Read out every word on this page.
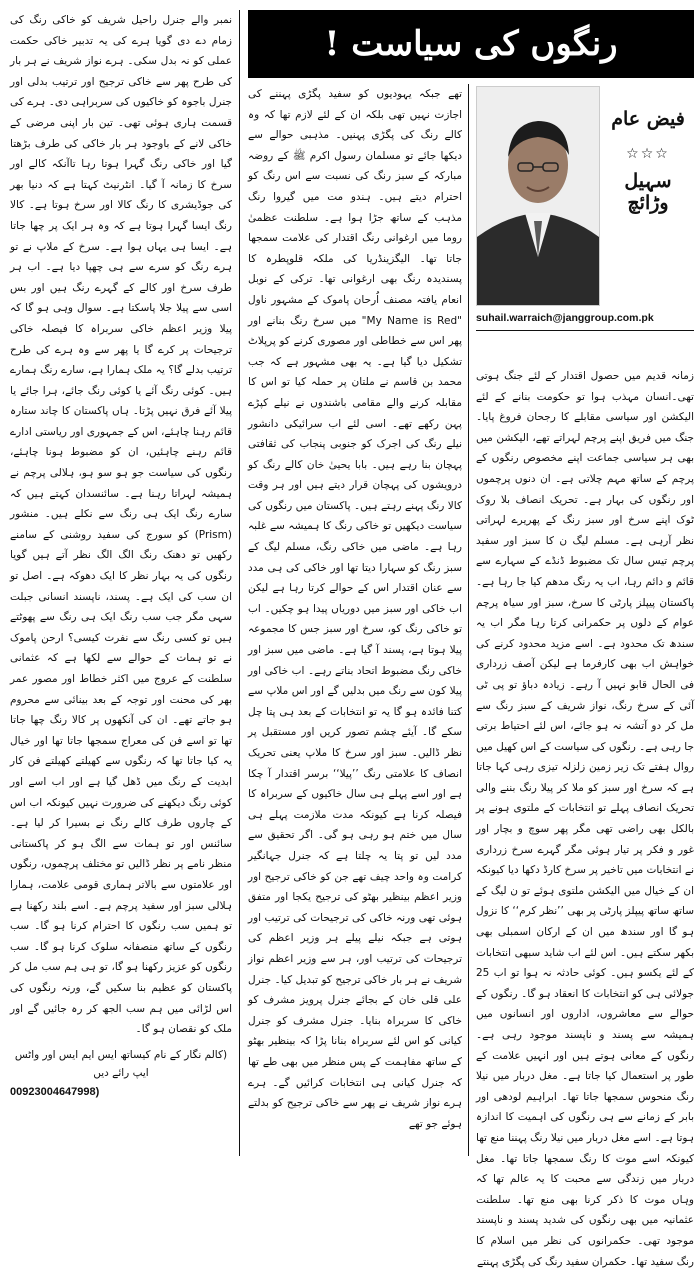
رنگوں کی سیاست !
فیض عام
☆☆☆
سہیل وڑائچ
suhail.warraich@janggroup.com.pk

زمانہ قدیم میں حصول اقتدار کے لئے جنگ ہوتی تھی۔انسان مہذب ہوا تو حکومت بنانے کے لئے الیکشن اور سیاسی مقابلے کا رجحان فروغ پایا۔ جنگ میں فریق اپنے پرچم لہراتے تھے، الیکشن میں بھی ہر سیاسی جماعت اپنے مخصوص رنگوں کے پرچم کے ساتھ مہم چلاتی ہے۔ ان دنوں پرچموں اور رنگوں کی بہار ہے۔ تحریک انصاف بلا روک ٹوک اپنے سرخ اور سبز رنگ کے پھریرے لہراتی نظر آرہی ہے۔ مسلم لیگ ن کا سبز اور سفید پرچم تیس سال تک مضبوط ڈنڈے کے سہارے سے قائم و دائم رہا، اب یہ رنگ مدھم کیا جا رہا ہے۔ پاکستان پیپلز پارٹی کا سرخ، سبز اور سیاہ پرچم عوام کے دلوں پر حکمرانی کرتا رہا مگر اب یہ سندھ تک محدود ہے۔ اسے مزید محدود کرنے کی خواہش اب بھی کارفرما ہے لیکن آصف زرداری فی الحال قابو نہیں آ رہے۔ زیادہ دباؤ تو پی ٹی آئی کے سرخ رنگ، نواز شریف کے سبز رنگ سے مل کر دو آتشہ نہ ہو جائے، اس لئے احتیاط برتی جا رہی ہے۔ رنگوں کی سیاست کے اس کھیل میں روال ہفتے تک زیر زمین زلزلہ تیزی رہی کہا جاتا ہے کہ سرخ اور سبز کو ملا کر پیلا رنگ بننے والی تحریک انصاف پہلے تو انتخابات کے ملتوی ہونے پر بالکل بھی راضی تھی مگر پھر سوچ و بچار اور غور و فکر پر تیار ہوئی مگر گہرے سرخ زرداری نے انتخابات میں تاخیر پر سرخ کارڈ دکھا دیا کیونکہ ان کے خیال میں الیکشن ملتوی ہوئے تو ن لیگ کے ساتھ ساتھ پیپلز پارٹی پر بھی ’’نظر کرم‘‘ کا نزول ہو گا اور سندھ میں ان کے ارکان اسمبلی بھی بکھر سکتے ہیں۔ اس لئے اب شاید سبھی انتخابات کے لئے یکسو ہیں۔ کوئی حادثہ نہ ہوا تو اب 25 جولائی ہی کو انتخابات کا انعقاد ہو گا۔ رنگوں کے حوالے سے معاشروں، اداروں اور انسانوں میں ہمیشہ سے پسند و ناپسند موجود رہی ہے۔ رنگوں کے معانی ہوتے ہیں اور انہیں علامت کے طور پر استعمال کیا جاتا ہے۔ مغل دربار میں نیلا رنگ منحوس سمجھا جاتا تھا۔ ابراہیم لودھی اور بابر کے زمانے سے ہی رنگوں کی اہمیت کا اندازہ ہوتا ہے۔ اسے مغل دربار میں نیلا رنگ پہننا منع تھا کیونکہ اسے موت کا رنگ سمجھا جاتا تھا۔ مغل دربار میں زندگی سے محبت کا یہ عالم تھا کہ وہاں موت کا ذکر کرنا بھی منع تھا۔ سلطنت عثمانیہ میں بھی رنگوں کی شدید پسند و ناپسند موجود تھی۔ حکمرانوں کی نظر میں اسلام کا رنگ سفید تھا۔ حکمران سفید رنگ کی پگڑی پہنتے

تھے جبکہ یہودیوں کو سفید پگڑی پہننے کی اجازت نہیں تھی بلکہ ان کے لئے لازم تھا کہ وہ کالے رنگ کی پگڑی پہنیں۔ مذہبی حوالے سے دیکھا جائے تو مسلمان رسول اکرم ﷺ کے روضہ مبارکہ کے سبز رنگ کی نسبت سے اس رنگ کو احترام دیتے ہیں۔ ہندو مت میں گیروا رنگ مذہب کے ساتھ جڑا ہوا ہے۔ سلطنت عظمیٰ روما میں ارغوانی رنگ اقتدار کی علامت سمجھا جاتا تھا۔ الیگزینڈریا کی ملکہ قلوپطرہ کا پسندیدہ رنگ بھی ارغوانی تھا۔ ترکی کے نوبل انعام یافتہ مصنف اُرحان پاموک کے مشہور ناول "My Name is Red" میں سرخ رنگ بنانے اور پھر اس سے خطاطی اور مصوری کرنے کو پرپلاٹ تشکیل دیا گیا ہے۔ یہ بھی مشہور ہے کہ جب محمد بن قاسم نے ملتان پر حملہ کیا تو اس کا مقابلہ کرنے والے مقامی باشندوں نے نیلے کپڑے پہن رکھے تھے۔ اسی لئے اب سرائیکی دانشور نیلے رنگ کی اجرک کو جنوبی پنجاب کی ثقافتی پہچان بنا رہے ہیں۔ بابا یحییٰ خان کالے رنگ کو درویشوں کی پہچان قرار دیتے ہیں اور ہر وقت کالا رنگ پہنے رہتے ہیں۔ پاکستان میں رنگوں کی سیاست دیکھیں تو خاکی رنگ کا ہمیشہ سے غلبہ رہا ہے۔ ماضی میں خاکی رنگ، مسلم لیگ کے سبز رنگ کو سہارا دیتا تھا اور خاکی کی ہی مدد سے عنان اقتدار اس کے حوالے کرتا رہا ہے لیکن اب خاکی اور سبز میں دوریاں پیدا ہو چکیں۔ اب تو خاکی رنگ کو، سرخ اور سبز جس کا مجموعہ پیلا ہوتا ہے، پسند آ گیا ہے۔ ماضی میں سبز اور خاکی رنگ مضبوط اتحاد بناتے رہے۔ اب خاکی اور پیلا کون سے رنگ میں بدلیں گے اور اس ملاپ سے کتنا فائدہ ہو گا یہ تو انتخابات کے بعد ہی پتا چل سکے گا۔ آیئے چشم تصور کریں اور مستقبل پر نظر ڈالیں۔ سبز اور سرخ کا ملاپ یعنی تحریک انصاف کا علامتی رنگ ’’پیلا‘‘ برسر اقتدار آ چکا ہے اور اسے پہلے ہی سال خاکیوں کے سربراہ کا فیصلہ کرنا ہے کیونکہ مدت ملازمت پہلے ہی سال میں ختم ہو رہی ہو گی۔ اگر تحقیق سے مدد لیں تو پتا یہ چلتا ہے کہ جنرل جہانگیر کرامت وہ واحد چیف تھے جن کو خاکی ترجیح اور وزیر اعظم بینظیر بھٹو کی ترجیح یکجا اور متفق ہوئی تھی ورنہ خاکی کی ترجیحات کی ترتیب اور ہوتی ہے جبکہ نیلے پیلے ہر وزیر اعظم کی ترجیحات کی ترتیب اور، ہر سے وزیر اعظم نواز شریف نے ہر بار خاکی ترجیح کو تبدیل کیا۔ جنرل علی قلی خان کے بجائے جنرل پرویز مشرف کو خاکی کا سربراہ بنایا۔ جنرل مشرف کو جنرل کیانی کو اس لئے سربراہ بنانا پڑا کہ بینظیر بھٹو کے ساتھ مفاہمت کے پس منظر میں بھی طے تھا کہ جنرل کیانی ہی انتخابات کرائیں گے۔ ہرے ہرے نواز شریف نے پھر سے خاکی ترجیح کو بدلتے ہوئے جو تھے

نمبر والے جنرل راحیل شریف کو خاکی رنگ کی زمام دے دی گویا ہرے کی یہ تدبیر خاکی حکمت عملی کو نہ بدل سکی۔ ہرے نواز شریف نے ہر بار کی طرح پھر سے خاکی ترجیح اور ترتیب بدلی اور جنرل باجوہ کو خاکیوں کی سربراہی دی۔ ہرے کی قسمت ہاری ہوئی تھی۔ تین بار اپنی مرضی کے خاکی لانے کے باوجود ہر بار خاکی کی طرف بڑھتا گیا اور خاکی رنگ گہرا ہوتا رہا تاآنکہ کالے اور سرخ کا زمانہ آ گیا۔ انٹرنیٹ کہتا ہے کہ دنیا بھر کی جوڈیشری کا رنگ کالا اور سرخ ہوتا ہے۔ کالا رنگ ایسا گہرا ہوتا ہے کہ وہ ہر ایک پر چھا جاتا ہے۔ ایسا ہی یہاں ہوا ہے۔ سرخ کے ملاپ نے تو ہرے رنگ کو سرے سے ہی چھپا دیا ہے۔ اب ہر طرف سرخ اور کالے کے گہرے رنگ ہیں اور بس اسی سے پیلا جلا پاسکتا ہے۔ سوال وہی ہو گا کہ پیلا وزیر اعظم خاکی سربراہ کا فیصلہ خاکی ترجیحات پر کرے گا یا پھر سے وہ ہرے کی طرح ترتیب بدلے گا؟ یہ ملک ہمارا ہے، سارے رنگ ہمارے ہیں۔ کوئی رنگ آئے یا کوئی رنگ جائے، ہرا جائے یا پیلا آئے فرق نہیں پڑتا۔ ہاں پاکستان کا چاند ستارہ قائم رہنا چاہئے، اس کے جمہوری اور ریاستی ادارے قائم رہنے چاہئیں، ان کو مضبوط ہونا چاہئے، رنگوں کی سیاست جو ہو سو ہو، ہلالی پرچم نے ہمیشہ لہراتا رہنا ہے۔ سائنسدان کہتے ہیں کہ سارے رنگ ایک ہی رنگ سے نکلے ہیں۔ منشور (Prism) کو سورج کی سفید روشنی کے سامنے رکھیں تو دھنک رنگ الگ الگ نظر آتے ہیں گویا رنگوں کی یہ بہار نظر کا ایک دھوکہ ہے۔ اصل تو ان سب کی ایک ہے۔ پسند، ناپسند انسانی جبلت سہی مگر جب سب رنگ ایک ہی رنگ سے پھوٹتے ہیں تو کسی رنگ سے نفرت کیسی؟ ارحن پاموک نے تو ہمات کے حوالے سے لکھا ہے کہ عثمانی سلطنت کے عروج میں اکثر خطاط اور مصور عمر بھر کی محنت اور توجہ کے بعد بینائی سے محروم ہو جاتے تھے۔ ان کی آنکھوں پر کالا رنگ چھا جاتا تھا تو اسے فن کی معراج سمجھا جاتا تھا اور خیال یہ کیا جاتا تھا کہ رنگوں سے کھیلتے کھیلتے فن کار ابدیت کے رنگ میں ڈھل گیا ہے اور اب اسے اور کوئی رنگ دیکھنے کی ضرورت نہیں کیونکہ اب اس کے چاروں طرف کالے رنگ نے بسیرا کر لیا ہے۔ سائنس اور تو ہمات سے الگ ہو کر پاکستانی منظر نامے پر نظر ڈالیں تو مختلف پرچموں، رنگوں اور علامتوں سے بالاتر ہماری قومی علامت، ہمارا ہلالی سبز اور سفید پرچم ہے۔ اسے بلند رکھنا ہے تو ہمیں سب رنگوں کا احترام کرنا ہو گا۔ سب رنگوں کے ساتھ منصفانہ سلوک کرنا ہو گا۔ سب رنگوں کو عزیز رکھنا ہو گا، تو ہی ہم سب مل کر پاکستان کو عظیم بنا سکیں گے، ورنہ رنگوں کی اس لڑائی میں ہم سب الجھ کر رہ جائیں گے اور ملک کو نقصان ہو گا۔

(کالم نگار کے نام کیساتھ ایس ایم ایس اور واٹس ایپ رائے دیں
00923004647998)
